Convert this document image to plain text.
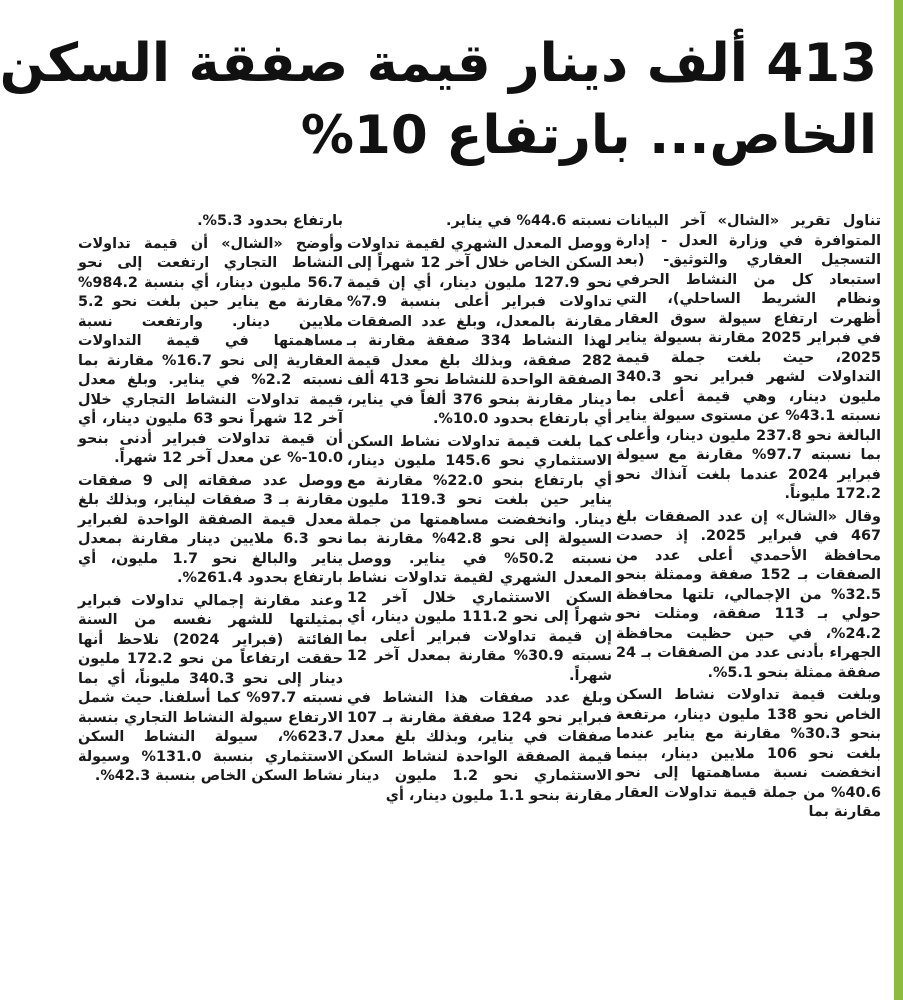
413 ألف دينار قيمة صفقة السكن
الخاص... بارتفاع 10%

تناول تقرير «الشال» آخر البيانات المتوافرة في وزارة العدل - إدارة التسجيل العقاري والتوثيق- (بعد استبعاد كل من النشاط الحرفي ونظام الشريط الساحلي)، التي أظهرت ارتفاع سيولة سوق العقار في فبراير 2025 مقارنة بسيولة يناير 2025، حيث بلغت جملة قيمة التداولات لشهر فبراير نحو 340.3 مليون دينار، وهي قيمة أعلى بما نسبته 43.1% عن مستوى سيولة يناير البالغة نحو 237.8 مليون دينار، وأعلى بما نسبته 97.7% مقارنة مع سيولة فبراير 2024 عندما بلغت آنذاك نحو 172.2 مليوناً.

وقال «الشال» إن عدد الصفقات بلغ 467 في فبراير 2025. إذ حصدت محافظة الأحمدي أعلى عدد من الصفقات بـ 152 صفقة وممثلة بنحو 32.5% من الإجمالي، تلتها محافظة حولي بـ 113 صفقة، ومثلت نحو 24.2%، في حين حظيت محافظة الجهراء بأدنى عدد من الصفقات بـ 24 صفقة ممثلة بنحو 5.1%.

وبلغت قيمة تداولات نشاط السكن الخاص نحو 138 مليون دينار، مرتفعة بنحو 30.3% مقارنة مع يناير عندما بلغت نحو 106 ملايين دينار، بينما انخفضت نسبة مساهمتها إلى نحو 40.6% من جملة قيمة تداولات العقار مقارنة بما

نسبته 44.6% في يناير.

ووصل المعدل الشهري لقيمة تداولات السكن الخاص خلال آخر 12 شهراً إلى نحو 127.9 مليون دينار، أي إن قيمة تداولات فبراير أعلى بنسبة 7.9% مقارنة بالمعدل، وبلغ عدد الصفقات لهذا النشاط 334 صفقة مقارنة بـ 282 صفقة، وبذلك بلغ معدل قيمة الصفقة الواحدة للنشاط نحو 413 ألف دينار مقارنة بنحو 376 ألفاً في يناير، أي بارتفاع بحدود 10.0%.

كما بلغت قيمة تداولات نشاط السكن الاستثماري نحو 145.6 مليون دينار، أي بارتفاع بنحو 22.0% مقارنة مع يناير حين بلغت نحو 119.3 مليون دينار. وانخفضت مساهمتها من جملة السيولة إلى نحو 42.8% مقارنة بما نسبته 50.2% في يناير. ووصل المعدل الشهري لقيمة تداولات نشاط السكن الاستثماري خلال آخر 12 شهراً إلى نحو 111.2 مليون دينار، أي إن قيمة تداولات فبراير أعلى بما نسبته 30.9% مقارنة بمعدل آخر 12 شهراً.

وبلغ عدد صفقات هذا النشاط في فبراير نحو 124 صفقة مقارنة بـ 107 صفقات في يناير، وبذلك بلغ معدل قيمة الصفقة الواحدة لنشاط السكن الاستثماري نحو 1.2 مليون دينار مقارنة بنحو 1.1 مليون دينار، أي

بارتفاع بحدود 5.3%.

وأوضح «الشال» أن قيمة تداولات النشاط التجاري ارتفعت إلى نحو 56.7 مليون دينار، أي بنسبة 984.2% مقارنة مع يناير حين بلغت نحو 5.2 ملايين دينار. وارتفعت نسبة مساهمتها في قيمة التداولات العقارية إلى نحو 16.7% مقارنة بما نسبته 2.2% في يناير. وبلغ معدل قيمة تداولات النشاط التجاري خلال آخر 12 شهراً نحو 63 مليون دينار، أي أن قيمة تداولات فبراير أدنى بنحو 10.0-% عن معدل آخر 12 شهراً.

ووصل عدد صفقاته إلى 9 صفقات مقارنة بـ 3 صفقات ليناير، وبذلك بلغ معدل قيمة الصفقة الواحدة لفبراير نحو 6.3 ملايين دينار مقارنة بمعدل يناير والبالغ نحو 1.7 مليون، أي بارتفاع بحدود 261.4%.

وعند مقارنة إجمالي تداولات فبراير بمثيلتها للشهر نفسه من السنة الفائتة (فبراير 2024) نلاحظ أنها حققت ارتفاعاً من نحو 172.2 مليون دينار إلى نحو 340.3 مليوناً، أي بما نسبته 97.7% كما أسلفنا. حيث شمل الارتفاع سيولة النشاط التجاري بنسبة 623.7%، سيولة النشاط السكن الاستثماري بنسبة 131.0% وسيولة نشاط السكن الخاص بنسبة 42.3%.
